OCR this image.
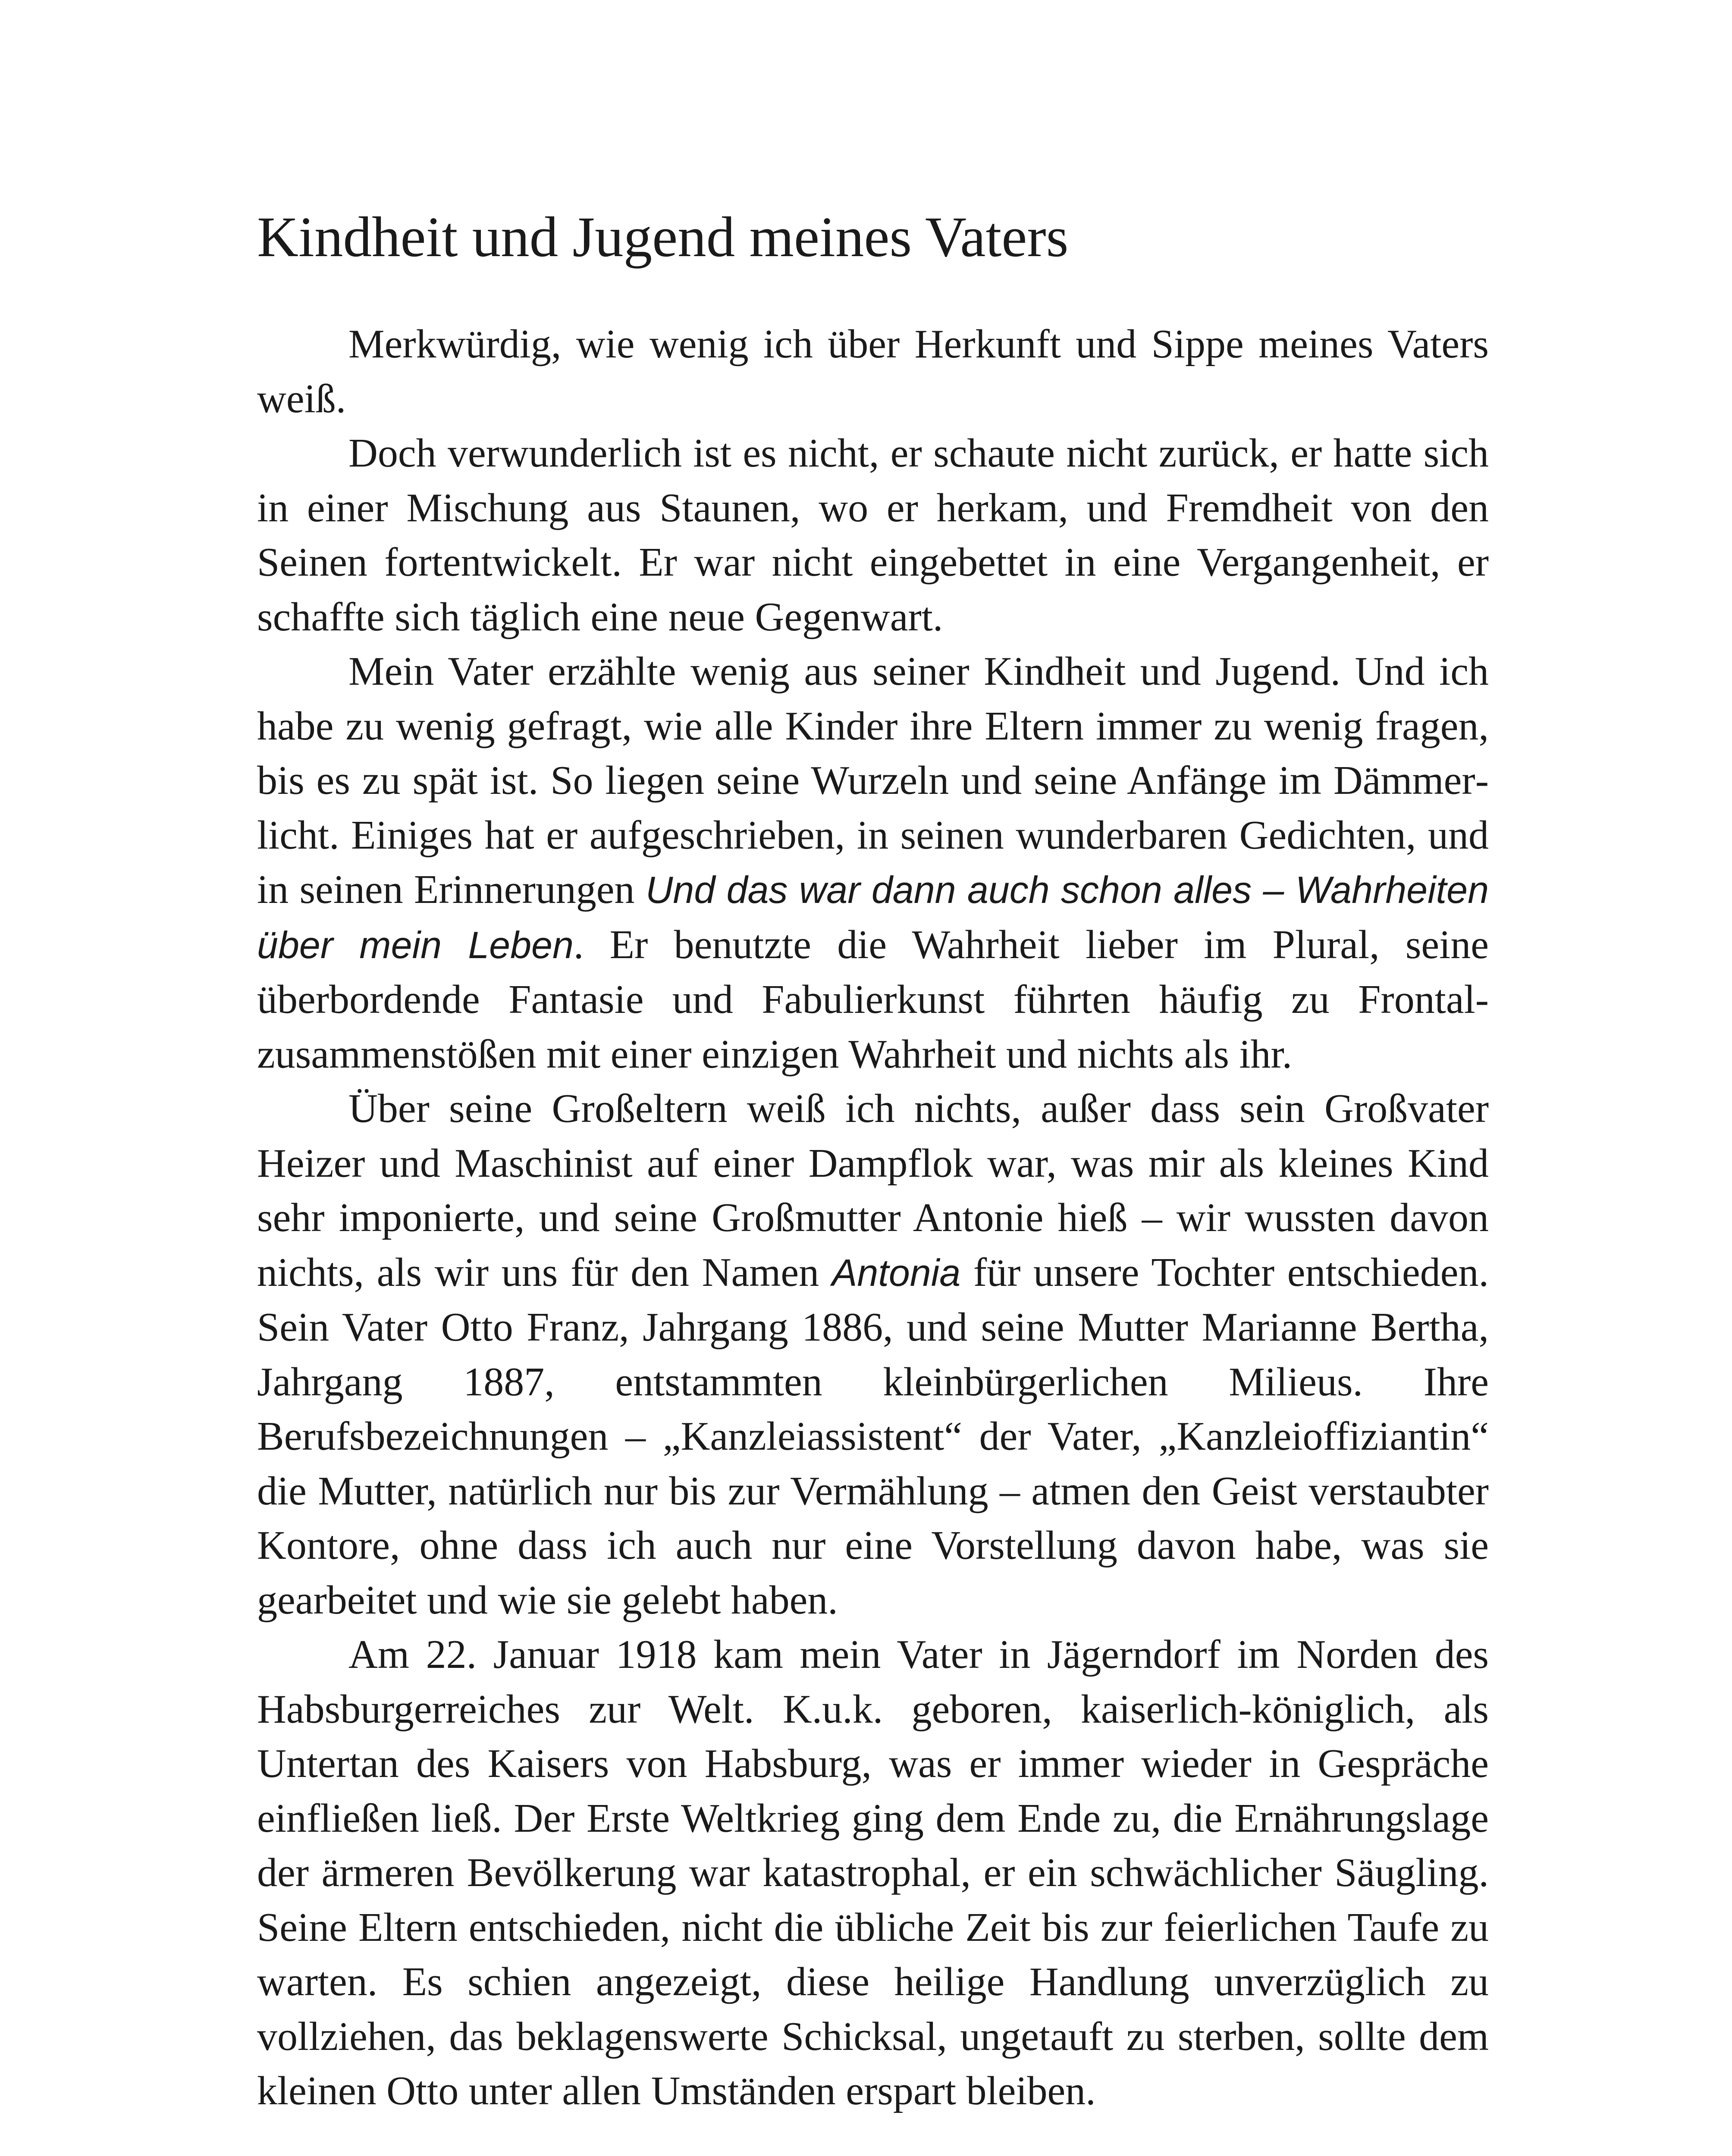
Kindheit und Jugend meines Vaters

Merkwürdig, wie wenig ich über Herkunft und Sippe meines Vaters weiß.

Doch verwunderlich ist es nicht, er schaute nicht zurück, er hatte sich in einer Mischung aus Staunen, wo er herkam, und Fremdheit von den Seinen fortentwickelt. Er war nicht eingebettet in eine Vergangenheit, er schaffte sich täglich eine neue Gegenwart.

Mein Vater erzählte wenig aus seiner Kindheit und Jugend. Und ich habe zu wenig gefragt, wie alle Kinder ihre Eltern immer zu wenig fragen, bis es zu spät ist. So liegen seine Wurzeln und seine Anfänge im Dämmerlicht. Einiges hat er aufgeschrieben, in seinen wunderbaren Gedichten, und in seinen Erinnerungen Und das war dann auch schon alles – Wahrheiten über mein Leben. Er benutzte die Wahrheit lieber im Plural, seine überbordende Fantasie und Fabulierkunst führten häufig zu Frontalzusammenstößen mit einer einzigen Wahrheit und nichts als ihr.

Über seine Großeltern weiß ich nichts, außer dass sein Großvater Heizer und Maschinist auf einer Dampflok war, was mir als kleines Kind sehr imponierte, und seine Großmutter Antonie hieß – wir wussten davon nichts, als wir uns für den Namen Antonia für unsere Tochter entschieden. Sein Vater Otto Franz, Jahrgang 1886, und seine Mutter Marianne Bertha, Jahrgang 1887, entstammten kleinbürgerlichen Milieus. Ihre Berufsbezeichnungen – „Kanzleiassistent“ der Vater, „Kanzleioffiziantin“ die Mutter, natürlich nur bis zur Vermählung – atmen den Geist verstaubter Kontore, ohne dass ich auch nur eine Vorstellung davon habe, was sie gearbeitet und wie sie gelebt haben.

Am 22. Januar 1918 kam mein Vater in Jägerndorf im Norden des Habsburgerreiches zur Welt. K.u.k. geboren, kaiserlich-königlich, als Untertan des Kaisers von Habsburg, was er immer wieder in Gespräche einfließen ließ. Der Erste Weltkrieg ging dem Ende zu, die Ernährungslage der ärmeren Bevölkerung war katastrophal, er ein schwächlicher Säugling. Seine Eltern entschieden, nicht die übliche Zeit bis zur feierlichen Taufe zu warten. Es schien angezeigt, diese heilige Handlung unverzüglich zu vollziehen, das beklagenswerte Schicksal, ungetauft zu sterben, sollte dem kleinen Otto unter allen Umständen erspart bleiben.
